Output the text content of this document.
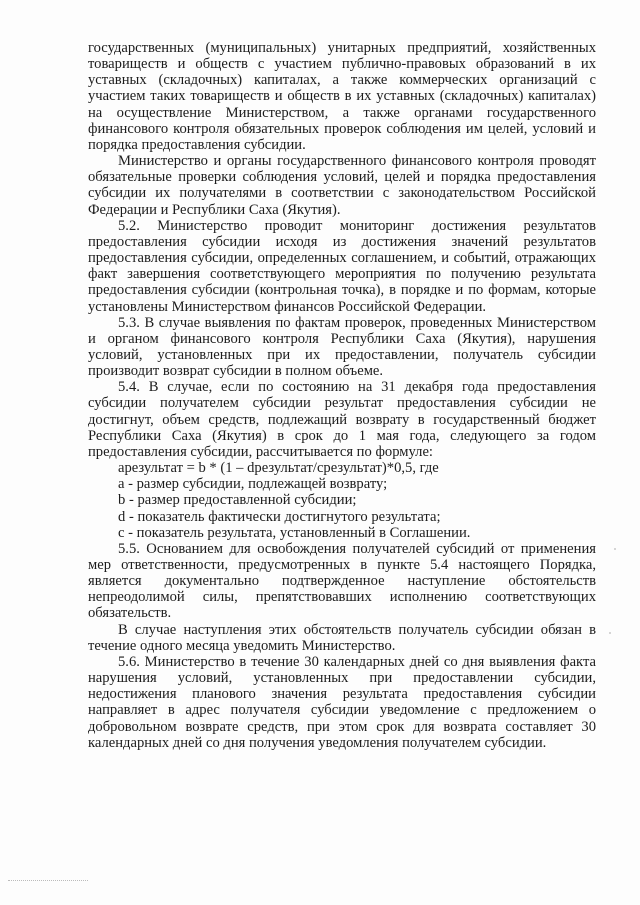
государственных (муниципальных) унитарных предприятий, хозяйственных товариществ и обществ с участием публично-правовых образований в их уставных (складочных) капиталах, а также коммерческих организаций с участием таких товариществ и обществ в их уставных (складочных) капиталах) на осуществление Министерством, а также органами государственного финансового контроля обязательных проверок соблюдения им целей, условий и порядка предоставления субсидии.

Министерство и органы государственного финансового контроля проводят обязательные проверки соблюдения условий, целей и порядка предоставления субсидии их получателями в соответствии с законодательством Российской Федерации и Республики Саха (Якутия).

5.2. Министерство проводит мониторинг достижения результатов предоставления субсидии исходя из достижения значений результатов предоставления субсидии, определенных соглашением, и событий, отражающих факт завершения соответствующего мероприятия по получению результата предоставления субсидии (контрольная точка), в порядке и по формам, которые установлены Министерством финансов Российской Федерации.

5.3. В случае выявления по фактам проверок, проведенных Министерством и органом финансового контроля Республики Саха (Якутия), нарушения условий, установленных при их предоставлении, получатель субсидии производит возврат субсидии в полном объеме.

5.4. В случае, если по состоянию на 31 декабря года предоставления субсидии получателем субсидии результат предоставления субсидии не достигнут, объем средств, подлежащий возврату в государственный бюджет Республики Саха (Якутия) в срок до 1 мая года, следующего за годом предоставления субсидии, рассчитывается по формуле:

aрезультат = b * (1 – dрезультат/cрезультат)*0,5, где

a - размер субсидии, подлежащей возврату;

b - размер предоставленной субсидии;

d - показатель фактически достигнутого результата;

c - показатель результата, установленный в Соглашении.

5.5. Основанием для освобождения получателей субсидий от применения мер ответственности, предусмотренных в пункте 5.4 настоящего Порядка, является документально подтвержденное наступление обстоятельств непреодолимой силы, препятствовавших исполнению соответствующих обязательств.

В случае наступления этих обстоятельств получатель субсидии обязан в течение одного месяца уведомить Министерство.

5.6. Министерство в течение 30 календарных дней со дня выявления факта нарушения условий, установленных при предоставлении субсидии, недостижения планового значения результата предоставления субсидии направляет в адрес получателя субсидии уведомление с предложением о добровольном возврате средств, при этом срок для возврата составляет 30 календарных дней со дня получения уведомления получателем субсидии.
